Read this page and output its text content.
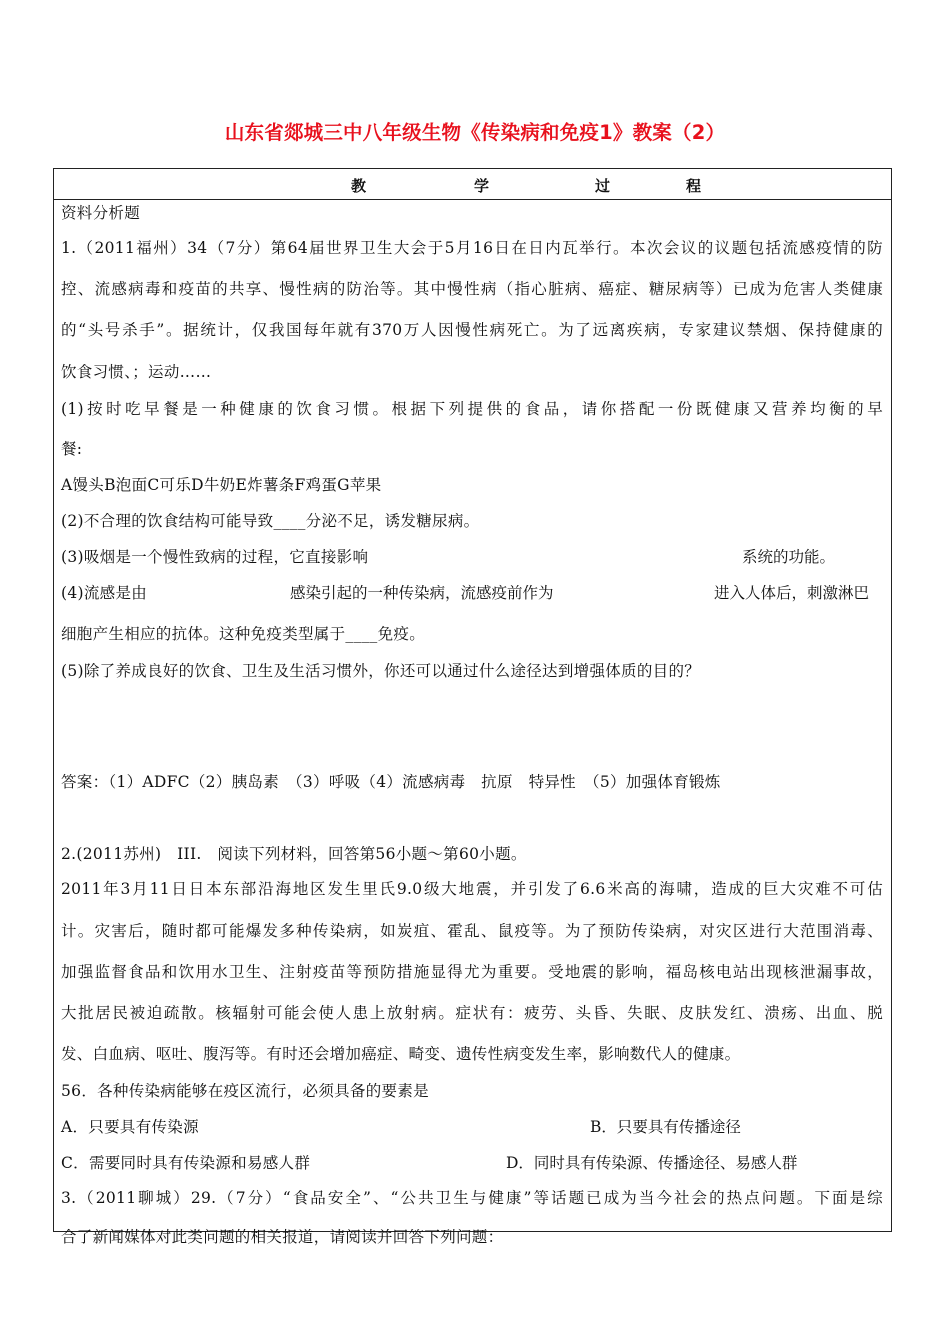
山东省郯城三中八年级生物《传染病和免疫1》教案（2）
教	学	过	程
资料分析题
1.（2011福州）34（7分）第64届世界卫生大会于5月16日在日内瓦举行。本次会议的议题包括流感疫情的防
控、流感病毒和疫苗的共享、慢性病的防治等。其中慢性病（指心脏病、癌症、糖尿病等）已成为危害人类健康
的“头号杀手”。据统计，仅我国每年就有370万人因慢性病死亡。为了远离疾病，专家建议禁烟、保持健康的
饮食习惯、；运动……
(1)按时吃早餐是一种健康的饮食习惯。根据下列提供的食品，请你搭配一份既健康又营养均衡的早
餐:
A馒头B泡面C可乐D牛奶E炸薯条F鸡蛋G苹果
(2)不合理的饮食结构可能导致____分泌不足，诱发糖尿病。
(3)吸烟是一个慢性致病的过程，它直接影响	系统的功能。
(4)流感是由	感染引起的一种传染病，流感疫前作为	进入人体后，刺激淋巴
细胞产生相应的抗体。这种免疫类型属于____免疫。
(5)除了养成良好的饮食、卫生及生活习惯外，你还可以通过什么途径达到增强体质的目的？
答案：（1）ADFC（2）胰岛素　（3）呼吸（4）流感病毒　抗原　特异性　（5）加强体育锻炼
2.(2011苏州)　III.　阅读下列材料，回答第56小题～第60小题。
2011年3月11日日本东部沿海地区发生里氏9.0级大地震，并引发了6.6米高的海啸，造成的巨大灾难不可估
计。灾害后，随时都可能爆发多种传染病，如炭疽、霍乱、鼠疫等。为了预防传染病，对灾区进行大范围消毒、
加强监督食品和饮用水卫生、注射疫苗等预防措施显得尤为重要。受地震的影响，福岛核电站出现核泄漏事故，
大批居民被迫疏散。核辐射可能会使人患上放射病。症状有：疲劳、头昏、失眠、皮肤发红、溃疡、出血、脱
发、白血病、呕吐、腹泻等。有时还会增加癌症、畸变、遗传性病变发生率，影响数代人的健康。
56．各种传染病能够在疫区流行，必须具备的要素是
A．只要具有传染源	B．只要具有传播途径
C．需要同时具有传染源和易感人群	D．同时具有传染源、传播途径、易感人群
3.（2011聊城）29.（7分）“食品安全”、“公共卫生与健康”等话题已成为当今社会的热点问题。下面是综
合了新闻媒体对此类问题的相关报道，请阅读并回答下列问题：
